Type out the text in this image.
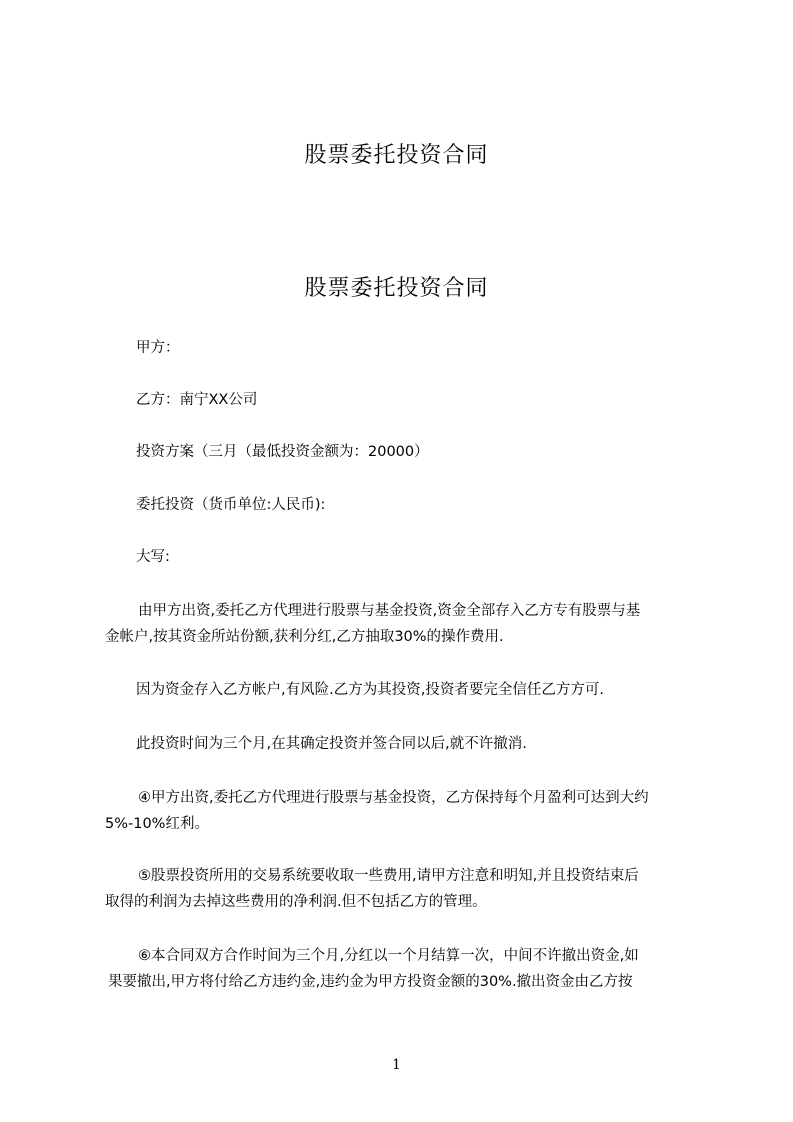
股票委托投资合同
股票委托投资合同

甲方：

乙方：南宁XX公司

投资方案（三月（最低投资金额为：20000）

委托投资（货币单位:人民币):

大写:

由甲方出资,委托乙方代理进行股票与基金投资,资金全部存入乙方专有股票与基
金帐户,按其资金所站份额,获利分红,乙方抽取30%的操作费用.

因为资金存入乙方帐户,有风险.乙方为其投资,投资者要完全信任乙方方可.

此投资时间为三个月,在其确定投资并签合同以后,就不许撤消.

④甲方出资,委托乙方代理进行股票与基金投资，乙方保持每个月盈利可达到大约
5%-10%红利。

⑤股票投资所用的交易系统要收取一些费用,请甲方注意和明知,并且投资结束后
取得的利润为去掉这些费用的净利润.但不包括乙方的管理。

⑥本合同双方合作时间为三个月,分红以一个月结算一次，中间不许撤出资金,如
果要撤出,甲方将付给乙方违约金,违约金为甲方投资金额的30%.撤出资金由乙方按

1
